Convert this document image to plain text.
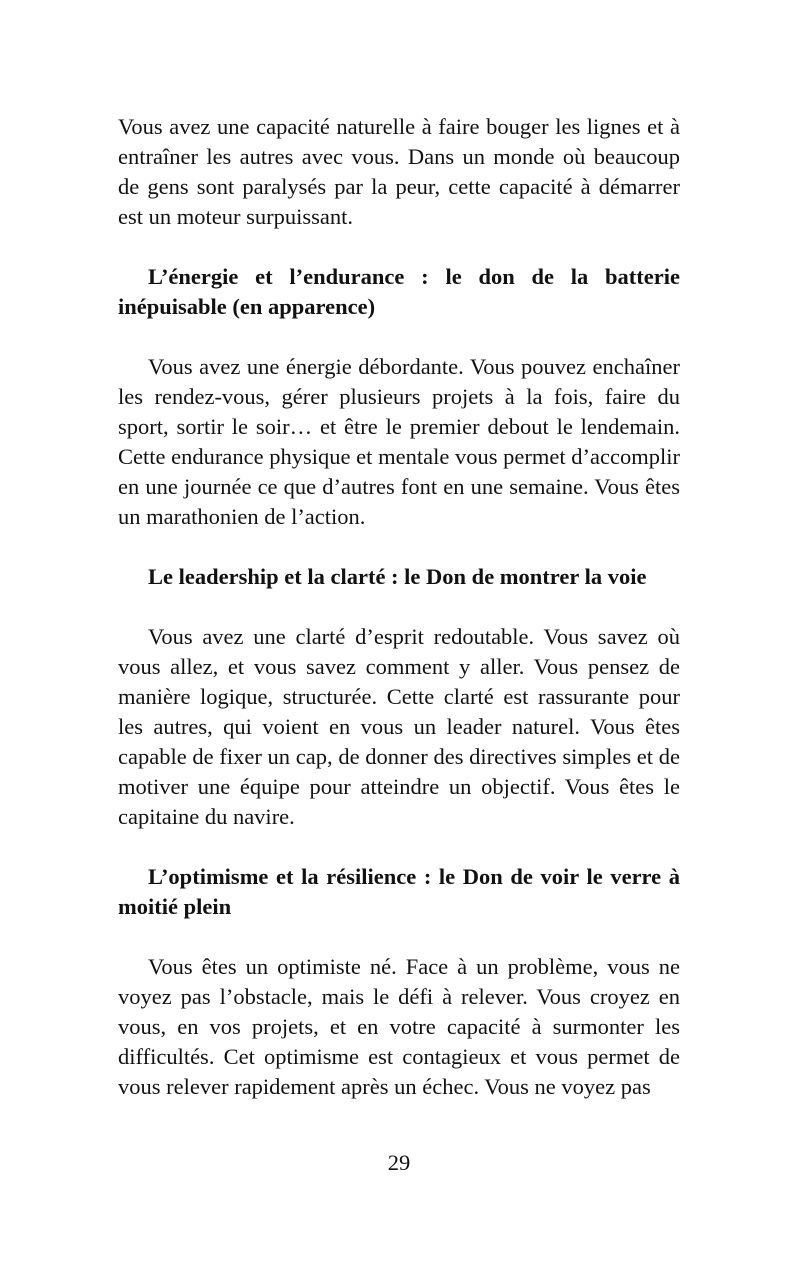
Vous avez une capacité naturelle à faire bouger les lignes et à entraîner les autres avec vous. Dans un monde où beaucoup de gens sont paralysés par la peur, cette capacité à démarrer est un moteur surpuissant.

L’énergie et l’endurance : le don de la batterie inépuisable (en apparence)

Vous avez une énergie débordante. Vous pouvez enchaîner les rendez-vous, gérer plusieurs projets à la fois, faire du sport, sortir le soir… et être le premier debout le lendemain. Cette endurance physique et mentale vous permet d’accomplir en une journée ce que d’autres font en une semaine. Vous êtes un marathonien de l’action.

Le leadership et la clarté : le Don de montrer la voie

Vous avez une clarté d’esprit redoutable. Vous savez où vous allez, et vous savez comment y aller. Vous pensez de manière logique, structurée. Cette clarté est rassurante pour les autres, qui voient en vous un leader naturel. Vous êtes capable de fixer un cap, de donner des directives simples et de motiver une équipe pour atteindre un objectif. Vous êtes le capitaine du navire.

L’optimisme et la résilience : le Don de voir le verre à moitié plein

Vous êtes un optimiste né. Face à un problème, vous ne voyez pas l’obstacle, mais le défi à relever. Vous croyez en vous, en vos projets, et en votre capacité à surmonter les difficultés. Cet optimisme est contagieux et vous permet de vous relever rapidement après un échec. Vous ne voyez pas

29
